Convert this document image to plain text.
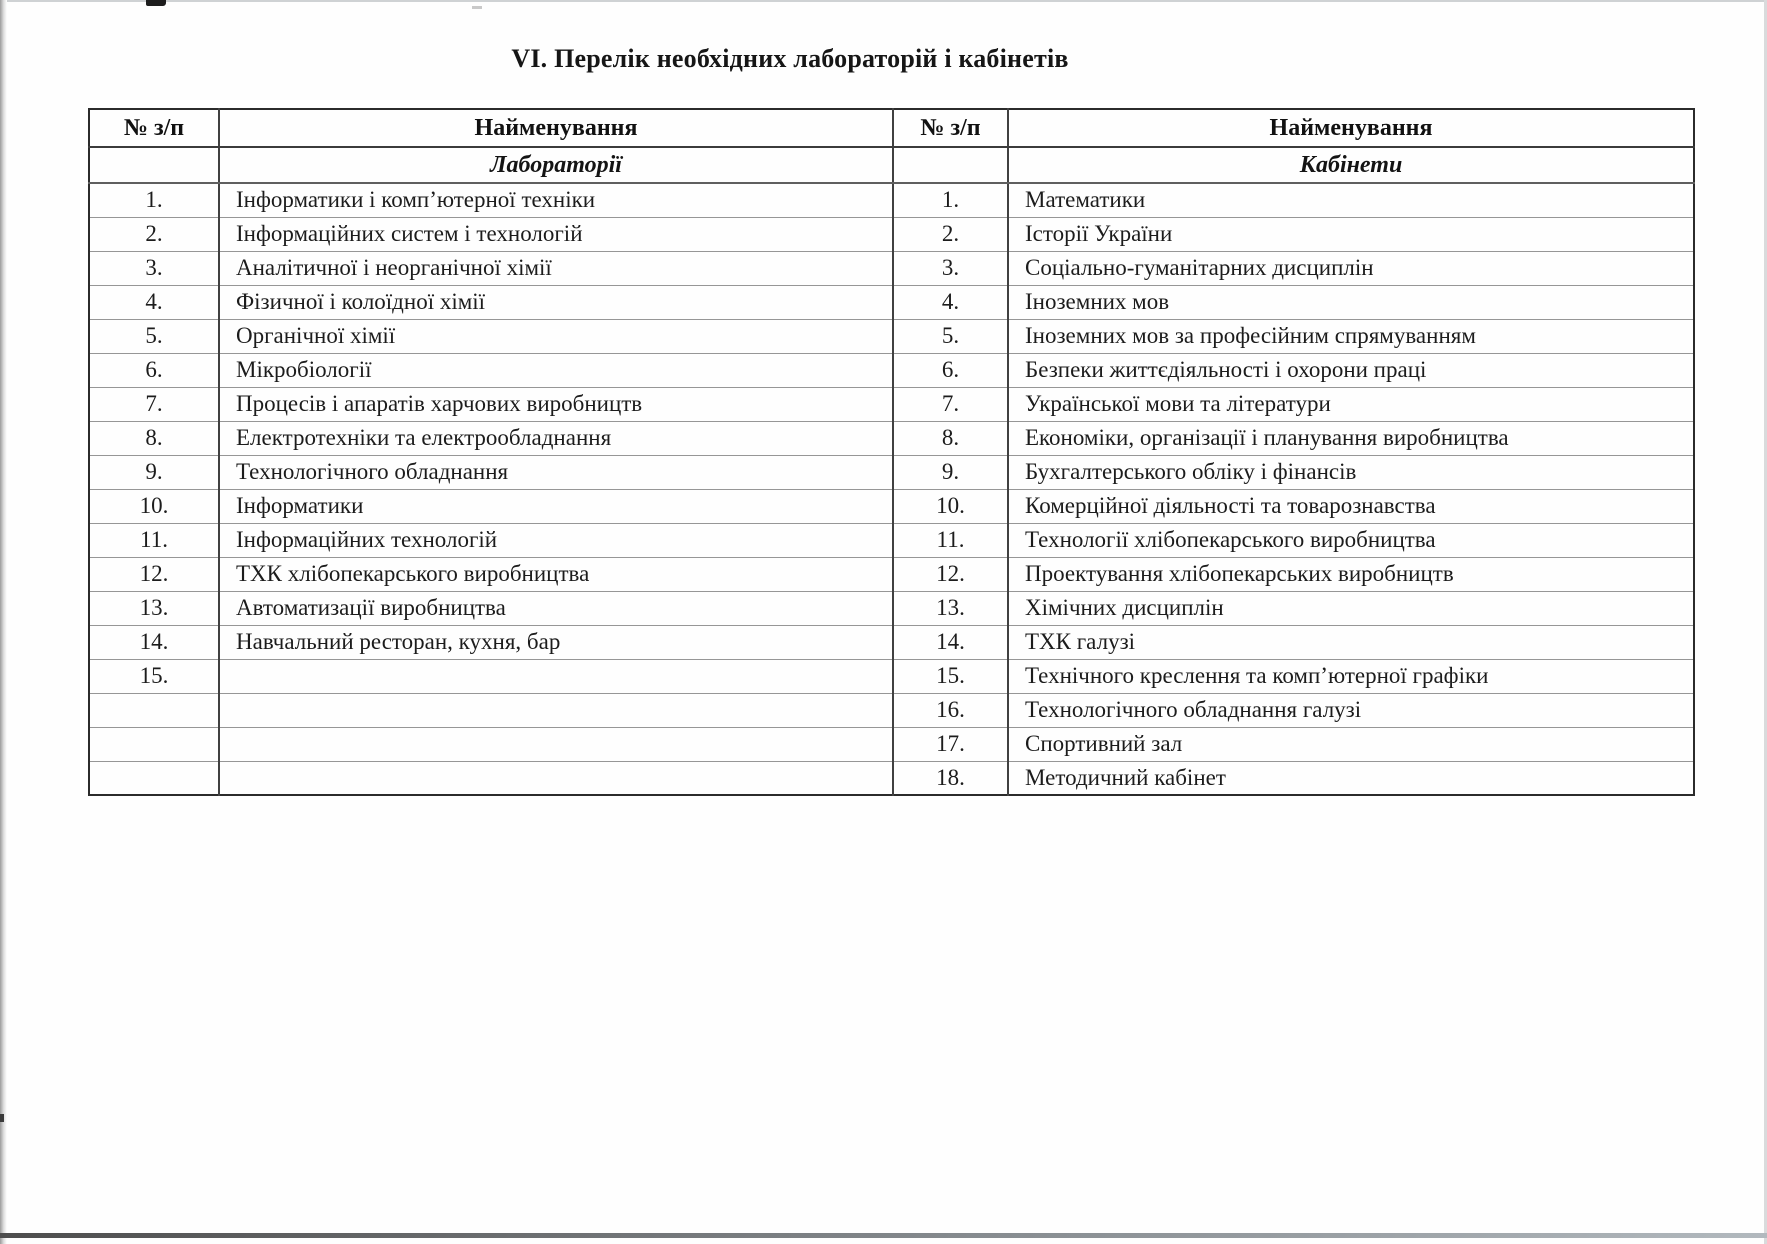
VI. Перелік необхідних лабораторій і кабінетів
№ з/п	Найменування	№ з/п	Найменування
	Лабораторії		Кабінети
1.	Інформатики і комп’ютерної техніки	1.	Математики
2.	Інформаційних систем і технологій	2.	Історії України
3.	Аналітичної і неорганічної хімії	3.	Соціально-гуманітарних дисциплін
4.	Фізичної і колоїдної хімії	4.	Іноземних мов
5.	Органічної хімії	5.	Іноземних мов за професійним спрямуванням
6.	Мікробіології	6.	Безпеки життєдіяльності і охорони праці
7.	Процесів і апаратів харчових виробництв	7.	Української мови та літератури
8.	Електротехніки та електрообладнання	8.	Економіки, організації і планування виробництва
9.	Технологічного обладнання	9.	Бухгалтерського обліку і фінансів
10.	Інформатики	10.	Комерційної діяльності та товарознавства
11.	Інформаційних технологій	11.	Технології хлібопекарського виробництва
12.	ТХК хлібопекарського виробництва	12.	Проектування хлібопекарських виробництв
13.	Автоматизації виробництва	13.	Хімічних дисциплін
14.	Навчальний ресторан, кухня, бар	14.	ТХК галузі
15.		15.	Технічного креслення та комп’ютерної графіки
		16.	Технологічного обладнання галузі
		17.	Спортивний зал
		18.	Методичний кабінет
